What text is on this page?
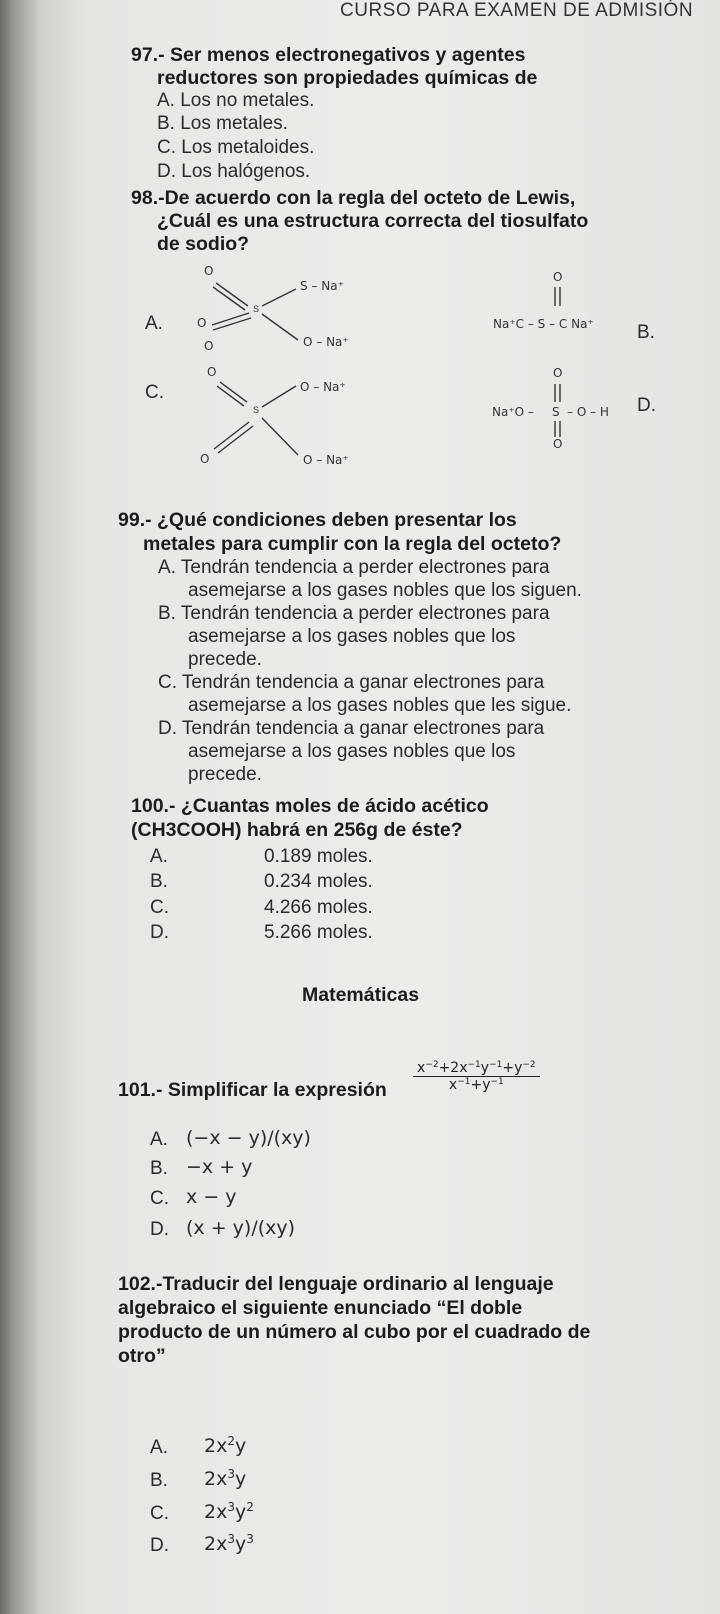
CURSO PARA EXAMEN DE ADMISIÓN
97.- Ser menos electronegativos y agentes
reductores son propiedades químicas de
A. Los no metales.
B. Los metales.
C. Los metaloides.
D. Los halógenos.
98.-De acuerdo con la regla del octeto de Lewis,
¿Cuál es una estructura correcta del tiosulfato
de sodio?
A.	B.
C.
D.
O
S
O
S – Na⁺
O – Na⁺
O
Na⁺C – S – C Na⁺
O
O
S
O
O – Na⁺
O – Na⁺
O
Na⁺O – S – O – H
O
99.- ¿Qué condiciones deben presentar los
metales para cumplir con la regla del octeto?
A. Tendrán tendencia a perder electrones para
asemejarse a los gases nobles que los siguen.
B. Tendrán tendencia a perder electrones para
asemejarse a los gases nobles que los
precede.
C. Tendrán tendencia a ganar electrones para
asemejarse a los gases nobles que les sigue.
D. Tendrán tendencia a ganar electrones para
asemejarse a los gases nobles que los
precede.
100.- ¿Cuantas moles de ácido acético
(CH3COOH) habrá en 256g de éste?
A.	0.189 moles.
B.	0.234 moles.
C.	4.266 moles.
D.	5.266 moles.
Matemáticas
101.- Simplificar la expresión $\frac{x^{-2}+2x^{-1}y^{-1}+y^{-2}}{x^{-1}+y^{-1}}$
A. (−x − y)/(xy)
B. −x + y
C. x − y
D. (x + y)/(xy)
102.-Traducir del lenguaje ordinario al lenguaje
algebraico el siguiente enunciado “El doble
producto de un número al cubo por el cuadrado de
otro”
A. $2x^2y$
B. $2x^3y$
C. $2x^3y^2$
D. $2x^3y^3$
